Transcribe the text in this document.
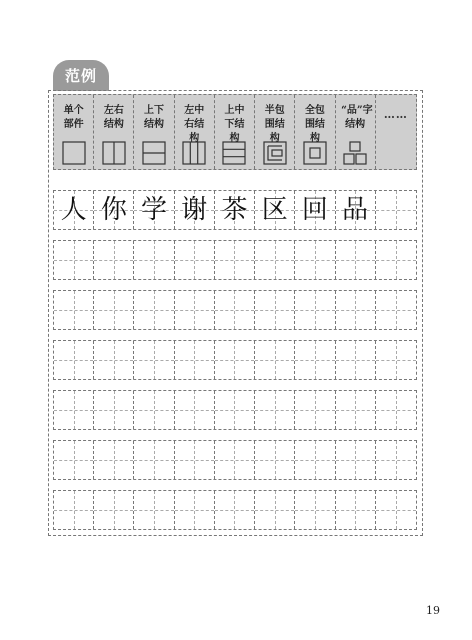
范例
单个部件
左右结构
上下结构
左中右结构
上中下结构
半包围结构
全包围结构
“品”字结构
……
人 你 学 谢 茶 区 回 品
19
